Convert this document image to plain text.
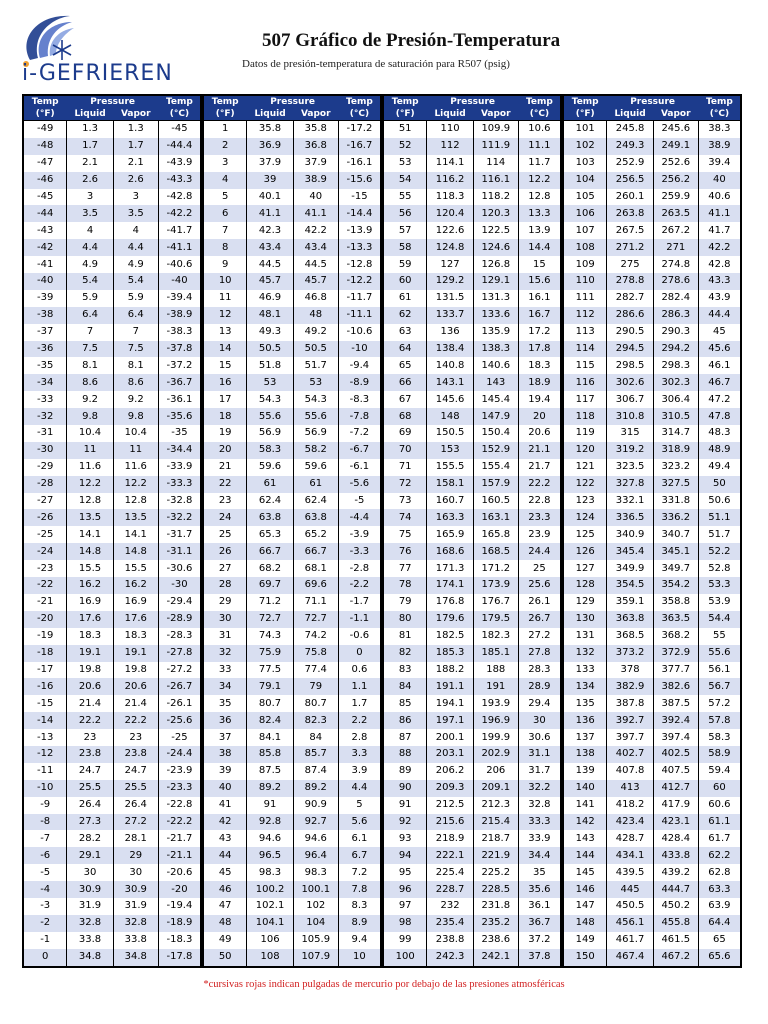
i-GEFRIEREN
507 Gráfico de Presión-Temperatura
Datos de presión-temperatura de saturación para R507 (psig)
Temp	Pressure		Temp
(°F)	Liquid	Vapor	(°C)
-49	1.3	1.3	-45
-48	1.7	1.7	-44.4
-47	2.1	2.1	-43.9
-46	2.6	2.6	-43.3
-45	3	3	-42.8
-44	3.5	3.5	-42.2
-43	4	4	-41.7
-42	4.4	4.4	-41.1
-41	4.9	4.9	-40.6
-40	5.4	5.4	-40
-39	5.9	5.9	-39.4
-38	6.4	6.4	-38.9
-37	7	7	-38.3
-36	7.5	7.5	-37.8
-35	8.1	8.1	-37.2
-34	8.6	8.6	-36.7
-33	9.2	9.2	-36.1
-32	9.8	9.8	-35.6
-31	10.4	10.4	-35
-30	11	11	-34.4
-29	11.6	11.6	-33.9
-28	12.2	12.2	-33.3
-27	12.8	12.8	-32.8
-26	13.5	13.5	-32.2
-25	14.1	14.1	-31.7
-24	14.8	14.8	-31.1
-23	15.5	15.5	-30.6
-22	16.2	16.2	-30
-21	16.9	16.9	-29.4
-20	17.6	17.6	-28.9
-19	18.3	18.3	-28.3
-18	19.1	19.1	-27.8
-17	19.8	19.8	-27.2
-16	20.6	20.6	-26.7
-15	21.4	21.4	-26.1
-14	22.2	22.2	-25.6
-13	23	23	-25
-12	23.8	23.8	-24.4
-11	24.7	24.7	-23.9
-10	25.5	25.5	-23.3
-9	26.4	26.4	-22.8
-8	27.3	27.2	-22.2
-7	28.2	28.1	-21.7
-6	29.1	29	-21.1
-5	30	30	-20.6
-4	30.9	30.9	-20
-3	31.9	31.9	-19.4
-2	32.8	32.8	-18.9
-1	33.8	33.8	-18.3
0	34.8	34.8	-17.8
Temp	Pressure		Temp
(°F)	Liquid	Vapor	(°C)
1	35.8	35.8	-17.2
2	36.9	36.8	-16.7
3	37.9	37.9	-16.1
4	39	38.9	-15.6
5	40.1	40	-15
6	41.1	41.1	-14.4
7	42.3	42.2	-13.9
8	43.4	43.4	-13.3
9	44.5	44.5	-12.8
10	45.7	45.7	-12.2
11	46.9	46.8	-11.7
12	48.1	48	-11.1
13	49.3	49.2	-10.6
14	50.5	50.5	-10
15	51.8	51.7	-9.4
16	53	53	-8.9
17	54.3	54.3	-8.3
18	55.6	55.6	-7.8
19	56.9	56.9	-7.2
20	58.3	58.2	-6.7
21	59.6	59.6	-6.1
22	61	61	-5.6
23	62.4	62.4	-5
24	63.8	63.8	-4.4
25	65.3	65.2	-3.9
26	66.7	66.7	-3.3
27	68.2	68.1	-2.8
28	69.7	69.6	-2.2
29	71.2	71.1	-1.7
30	72.7	72.7	-1.1
31	74.3	74.2	-0.6
32	75.9	75.8	0
33	77.5	77.4	0.6
34	79.1	79	1.1
35	80.7	80.7	1.7
36	82.4	82.3	2.2
37	84.1	84	2.8
38	85.8	85.7	3.3
39	87.5	87.4	3.9
40	89.2	89.2	4.4
41	91	90.9	5
42	92.8	92.7	5.6
43	94.6	94.6	6.1
44	96.5	96.4	6.7
45	98.3	98.3	7.2
46	100.2	100.1	7.8
47	102.1	102	8.3
48	104.1	104	8.9
49	106	105.9	9.4
50	108	107.9	10
Temp	Pressure		Temp
(°F)	Liquid	Vapor	(°C)
51	110	109.9	10.6
52	112	111.9	11.1
53	114.1	114	11.7
54	116.2	116.1	12.2
55	118.3	118.2	12.8
56	120.4	120.3	13.3
57	122.6	122.5	13.9
58	124.8	124.6	14.4
59	127	126.8	15
60	129.2	129.1	15.6
61	131.5	131.3	16.1
62	133.7	133.6	16.7
63	136	135.9	17.2
64	138.4	138.3	17.8
65	140.8	140.6	18.3
66	143.1	143	18.9
67	145.6	145.4	19.4
68	148	147.9	20
69	150.5	150.4	20.6
70	153	152.9	21.1
71	155.5	155.4	21.7
72	158.1	157.9	22.2
73	160.7	160.5	22.8
74	163.3	163.1	23.3
75	165.9	165.8	23.9
76	168.6	168.5	24.4
77	171.3	171.2	25
78	174.1	173.9	25.6
79	176.8	176.7	26.1
80	179.6	179.5	26.7
81	182.5	182.3	27.2
82	185.3	185.1	27.8
83	188.2	188	28.3
84	191.1	191	28.9
85	194.1	193.9	29.4
86	197.1	196.9	30
87	200.1	199.9	30.6
88	203.1	202.9	31.1
89	206.2	206	31.7
90	209.3	209.1	32.2
91	212.5	212.3	32.8
92	215.6	215.4	33.3
93	218.9	218.7	33.9
94	222.1	221.9	34.4
95	225.4	225.2	35
96	228.7	228.5	35.6
97	232	231.8	36.1
98	235.4	235.2	36.7
99	238.8	238.6	37.2
100	242.3	242.1	37.8
Temp	Pressure		Temp
(°F)	Liquid	Vapor	(°C)
101	245.8	245.6	38.3
102	249.3	249.1	38.9
103	252.9	252.6	39.4
104	256.5	256.2	40
105	260.1	259.9	40.6
106	263.8	263.5	41.1
107	267.5	267.2	41.7
108	271.2	271	42.2
109	275	274.8	42.8
110	278.8	278.6	43.3
111	282.7	282.4	43.9
112	286.6	286.3	44.4
113	290.5	290.3	45
114	294.5	294.2	45.6
115	298.5	298.3	46.1
116	302.6	302.3	46.7
117	306.7	306.4	47.2
118	310.8	310.5	47.8
119	315	314.7	48.3
120	319.2	318.9	48.9
121	323.5	323.2	49.4
122	327.8	327.5	50
123	332.1	331.8	50.6
124	336.5	336.2	51.1
125	340.9	340.7	51.7
126	345.4	345.1	52.2
127	349.9	349.7	52.8
128	354.5	354.2	53.3
129	359.1	358.8	53.9
130	363.8	363.5	54.4
131	368.5	368.2	55
132	373.2	372.9	55.6
133	378	377.7	56.1
134	382.9	382.6	56.7
135	387.8	387.5	57.2
136	392.7	392.4	57.8
137	397.7	397.4	58.3
138	402.7	402.5	58.9
139	407.8	407.5	59.4
140	413	412.7	60
141	418.2	417.9	60.6
142	423.4	423.1	61.1
143	428.7	428.4	61.7
144	434.1	433.8	62.2
145	439.5	439.2	62.8
146	445	444.7	63.3
147	450.5	450.2	63.9
148	456.1	455.8	64.4
149	461.7	461.5	65
150	467.4	467.2	65.6
*cursivas rojas indican pulgadas de mercurio por debajo de las presiones atmosféricas
